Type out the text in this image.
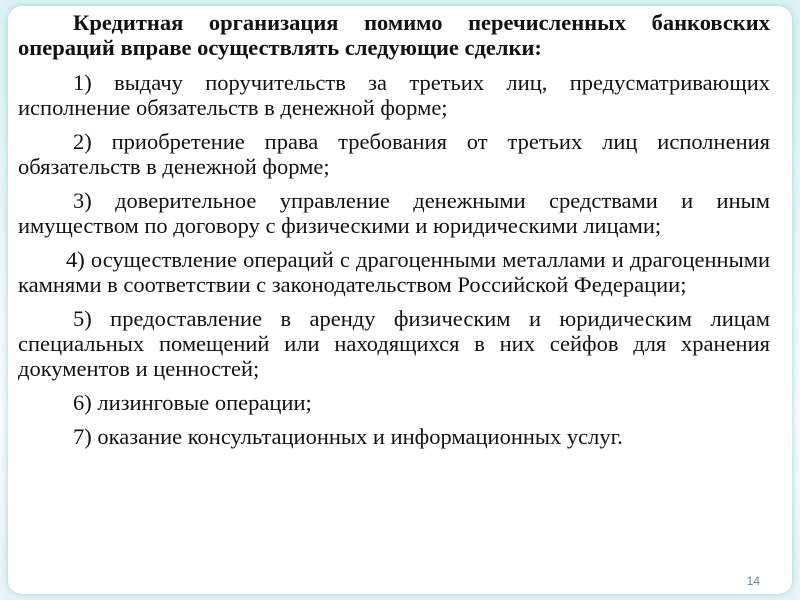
Кредитная организация помимо перечисленных банковских операций вправе осуществлять следующие сделки:

1) выдачу поручительств за третьих лиц, предусматривающих исполнение обязательств в денежной форме;

2) приобретение права требования от третьих лиц исполнения обязательств в денежной форме;

3) доверительное управление денежными средствами и иным имуществом по договору с физическими и юридическими лицами;

4) осуществление операций с драгоценными металлами и драгоценными камнями в соответствии с законодательством Российской Федерации;

5) предоставление в аренду физическим и юридическим лицам специальных помещений или находящихся в них сейфов для хранения документов и ценностей;

6) лизинговые операции;

7) оказание консультационных и информационных услуг.

14
